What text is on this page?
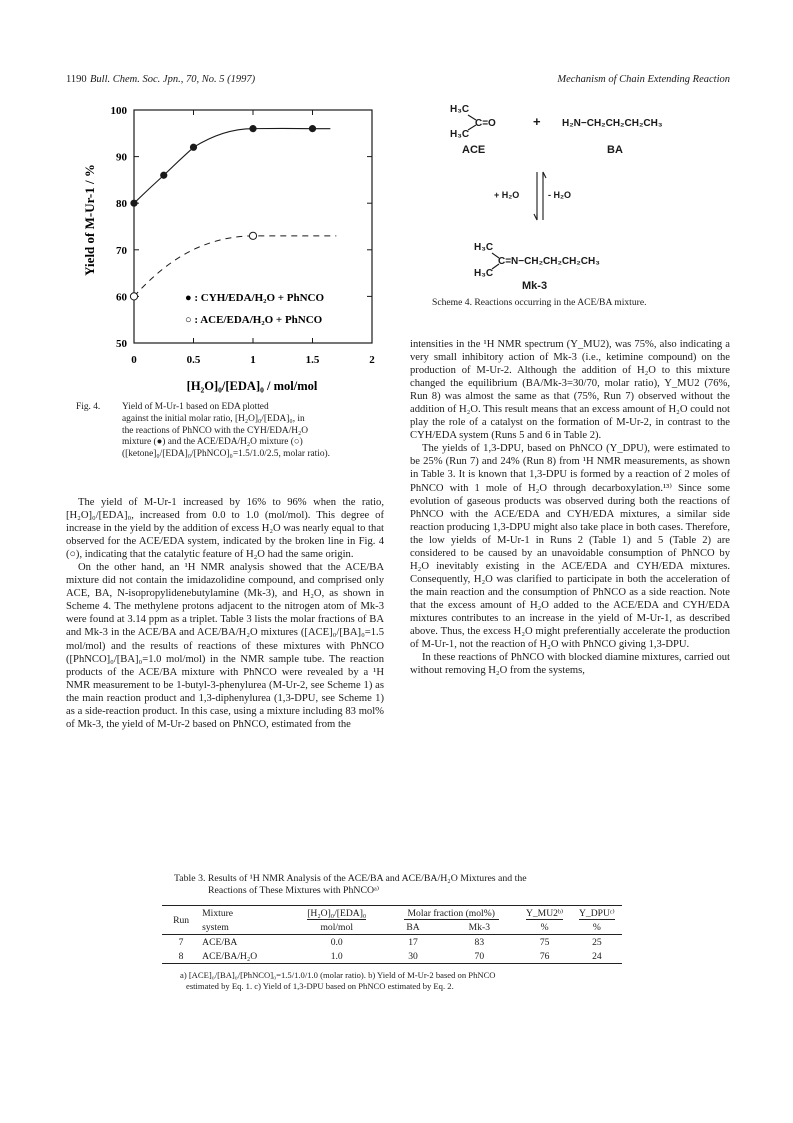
1190 Bull. Chem. Soc. Jpn., 70, No. 5 (1997)	Mechanism of Chain Extending Reaction
0	0.5	1	1.5	2
50
60
70
80
90
100
Yield of M-Ur-1 / %
[H₂O]₀/[EDA]₀ / mol/mol
● : CYH/EDA/H₂O + PhNCO
○ : ACE/EDA/H₂O + PhNCO
Fig. 4. Yield of M-Ur-1 based on EDA plotted
against the initial molar ratio, [H₂O]₀/[EDA]₀, in
the reactions of PhNCO with the CYH/EDA/H₂O
mixture (●) and the ACE/EDA/H₂O mixture (○)
([ketone]₀/[EDA]₀/[PhNCO]₀=1.5/1.0/2.5, molar ratio).
H₃C
C=O
H₃C
+ H₂N−CH₂CH₂CH₂CH₃
ACE	BA
+ H₂O	- H₂O
H₃C
C=N−CH₂CH₂CH₂CH₃
H₃C
Mk-3
Scheme 4. Reactions occurring in the ACE/BA mixture.

The yield of M-Ur-1 increased by 16% to 96% when the ratio, [H₂O]₀/[EDA]₀, increased from 0.0 to 1.0 (mol/mol). This degree of increase in the yield by the addition of excess H₂O was nearly equal to that observed for the ACE/EDA system, indicated by the broken line in Fig. 4 (○), indicating that the catalytic feature of H₂O had the same origin.

On the other hand, an ¹H NMR analysis showed that the ACE/BA mixture did not contain the imidazolidine compound, and comprised only ACE, BA, N-isopropylidenebutylamine (Mk-3), and H₂O, as shown in Scheme 4. The methylene protons adjacent to the nitrogen atom of Mk-3 were found at 3.14 ppm as a triplet. Table 3 lists the molar fractions of BA and Mk-3 in the ACE/BA and ACE/BA/H₂O mixtures ([ACE]₀/[BA]₀=1.5 mol/mol) and the results of reactions of these mixtures with PhNCO ([PhNCO]₀/[BA]₀=1.0 mol/mol) in the NMR sample tube. The reaction products of the ACE/BA mixture with PhNCO were revealed by a ¹H NMR measurement to be 1-butyl-3-phenylurea (M-Ur-2, see Scheme 1) as the main reaction product and 1,3-diphenylurea (1,3-DPU, see Scheme 1) as a side-reaction product. In this case, using a mixture including 83 mol% of Mk-3, the yield of M-Ur-2 based on PhNCO, estimated from the

intensities in the ¹H NMR spectrum (Y_MU2), was 75%, also indicating a very small inhibitory action of Mk-3 (i.e., ketimine compound) on the production of M-Ur-2. Although the addition of H₂O to this mixture changed the equilibrium (BA/Mk-3=30/70, molar ratio), Y_MU2 (76%, Run 8) was almost the same as that (75%, Run 7) observed without the addition of H₂O. This result means that an excess amount of H₂O could not play the role of a catalyst on the formation of M-Ur-2, in contrast to the CYH/EDA system (Runs 5 and 6 in Table 2).

The yields of 1,3-DPU, based on PhNCO (Y_DPU), were estimated to be 25% (Run 7) and 24% (Run 8) from ¹H NMR measurements, as shown in Table 3. It is known that 1,3-DPU is formed by a reaction of 2 moles of PhNCO with 1 mole of H₂O through decarboxylation.¹³⁾ Since some evolution of gaseous products was observed during both the reactions of PhNCO with the ACE/EDA and CYH/EDA mixtures, a similar side reaction producing 1,3-DPU might also take place in both cases. Therefore, the low yields of M-Ur-1 in Runs 2 (Table 1) and 5 (Table 2) are considered to be caused by an unavoidable consumption of PhNCO by H₂O inevitably existing in the ACE/EDA and CYH/EDA mixtures. Consequently, H₂O was clarified to participate in both the acceleration of the main reaction and the consumption of PhNCO as a side reaction. Note that the excess amount of H₂O added to the ACE/EDA and CYH/EDA mixtures contributes to an increase in the yield of M-Ur-1, as described above. Thus, the excess H₂O might preferentially accelerate the production of M-Ur-1, not the reaction of H₂O with PhNCO giving 1,3-DPU.

In these reactions of PhNCO with blocked diamine mixtures, carried out without removing H₂O from the systems,

Table 3. Results of ¹H NMR Analysis of the ACE/BA and ACE/BA/H₂O Mixtures and the
Reactions of These Mixtures with PhNCOᵃ⁾
Run	Mixture	[H₂O]₀/[EDA]₀	Molar fraction (mol%)		Y_MU2ᵇ⁾	Y_DPUᶜ⁾
	system	mol/mol	BA	Mk-3	%	%
7	ACE/BA	0.0	17	83	75	25
8	ACE/BA/H₂O	1.0	30	70	76	24
a) [ACE]₀/[BA]₀/[PhNCO]₀=1.5/1.0/1.0 (molar ratio). b) Yield of M-Ur-2 based on PhNCO
estimated by Eq. 1. c) Yield of 1,3-DPU based on PhNCO estimated by Eq. 2.
